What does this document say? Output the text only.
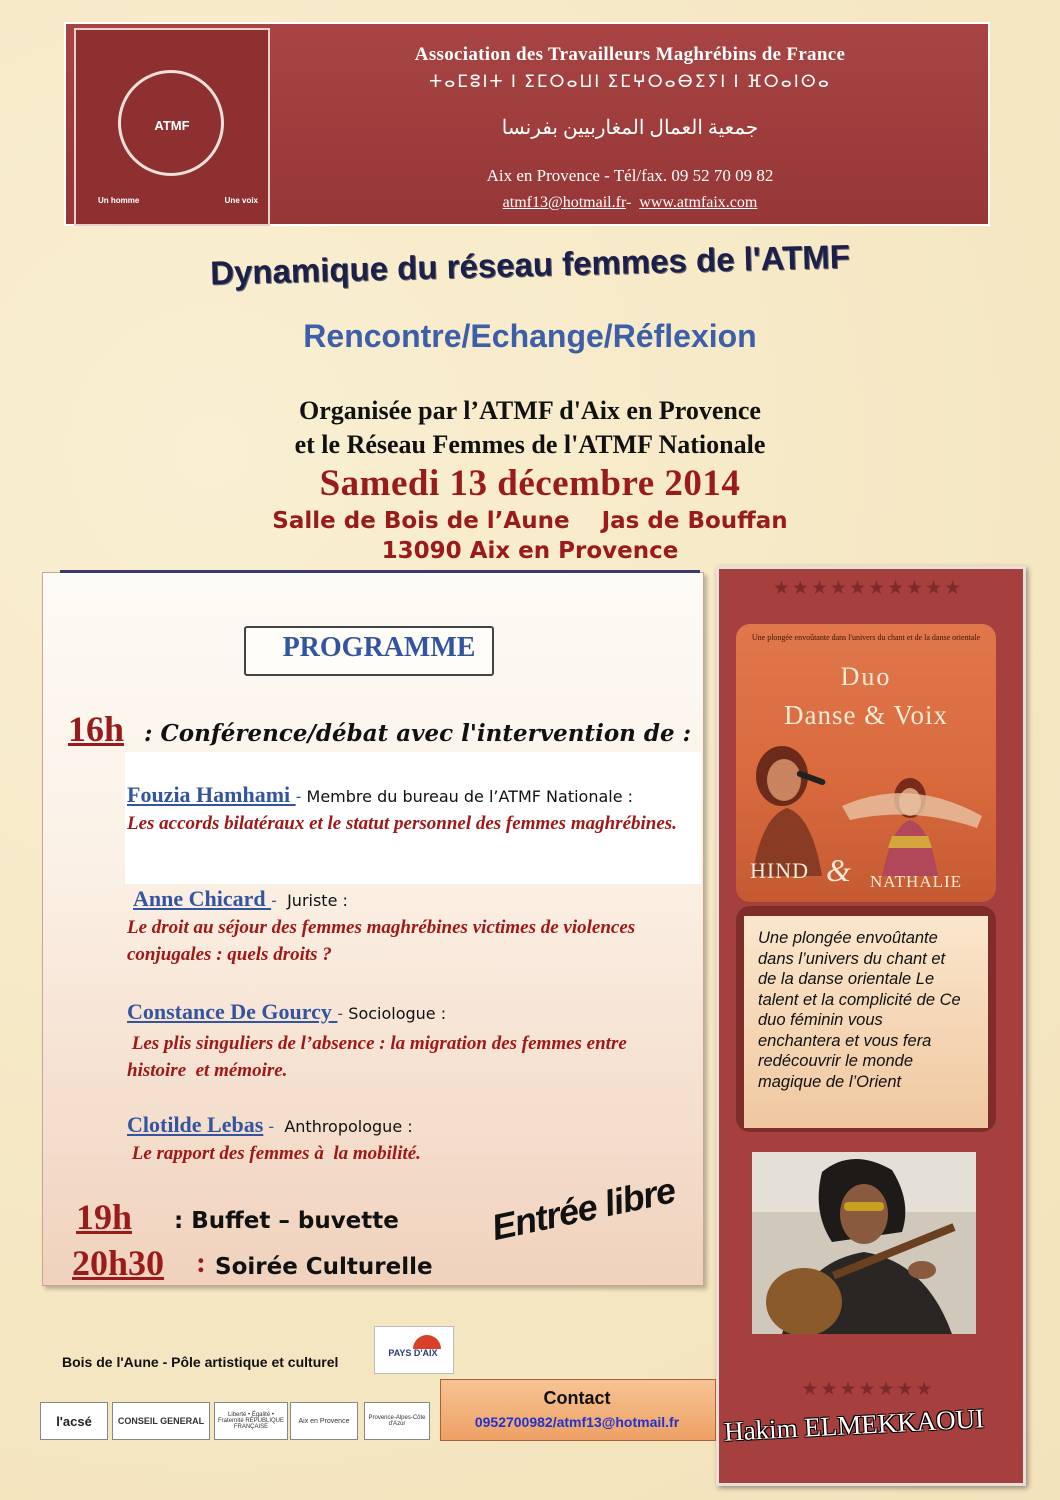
ATMF
Un homme	Une voix
Association des Travailleurs Maghrébins de France
ⵜⴰⵎⵓⵏⵜ ⵏ ⵉⵎⵔⴰⵡⵏ ⵉⵎⵖⵔⴰⴱⵉⵢⵏ ⵏ ⴼⵔⴰⵏⵙⴰ
جمعية العمال المغاربيين بفرنسا
Aix en Provence - Tél/fax. 09 52 70 09 82
atmf13@hotmail.fr-  www.atmfaix.com
Dynamique du réseau femmes de l'ATMF
Rencontre/Echange/Réflexion
Organisée par l’ATMF d'Aix en Provence
et le Réseau Femmes de l'ATMF Nationale
Samedi 13 décembre 2014
Salle de Bois de l’Aune    Jas de Bouffan
13090 Aix en Provence
PROGRAMME
16h : Conférence/débat avec l'intervention de :
Fouzia Hamhami - Membre du bureau de l’ATMF Nationale :
Les accords bilatéraux et le statut personnel des femmes maghrébines.
Anne Chicard - Juriste :
Le droit au séjour des femmes maghrébines victimes de violences conjugales : quels droits ?
Constance De Gourcy - Sociologue :
Les plis singuliers de l’absence : la migration des femmes entre histoire  et mémoire.
Clotilde Lebas - Anthropologue :
Le rapport des femmes à  la mobilité.
19h : Buffet – buvette
20h30 : Soirée Culturelle
Entrée libre
★★★★★★★★★★
Une plongée envoûtante dans l'univers du chant et de la danse orientale
Duo
Danse & Voix
HIND & NATHALIE
Une plongée envoûtante dans l’univers du chant et de la danse orientale Le talent et la complicité de Ce duo féminin vous enchantera et vous fera redécouvrir le monde magique de l’Orient
★★★★★★★
Hakim ELMEKKAOUI
Bois de l'Aune - Pôle artistique et culturel
PAYS D'AIX
Contact
0952700982/atmf13@hotmail.fr
l'acsé	CONSEIL GENERAL
Liberté • Égalité • Fraternité RÉPUBLIQUE FRANÇAISE
Aix en Provence	Provence-Alpes-Côte d'Azur
